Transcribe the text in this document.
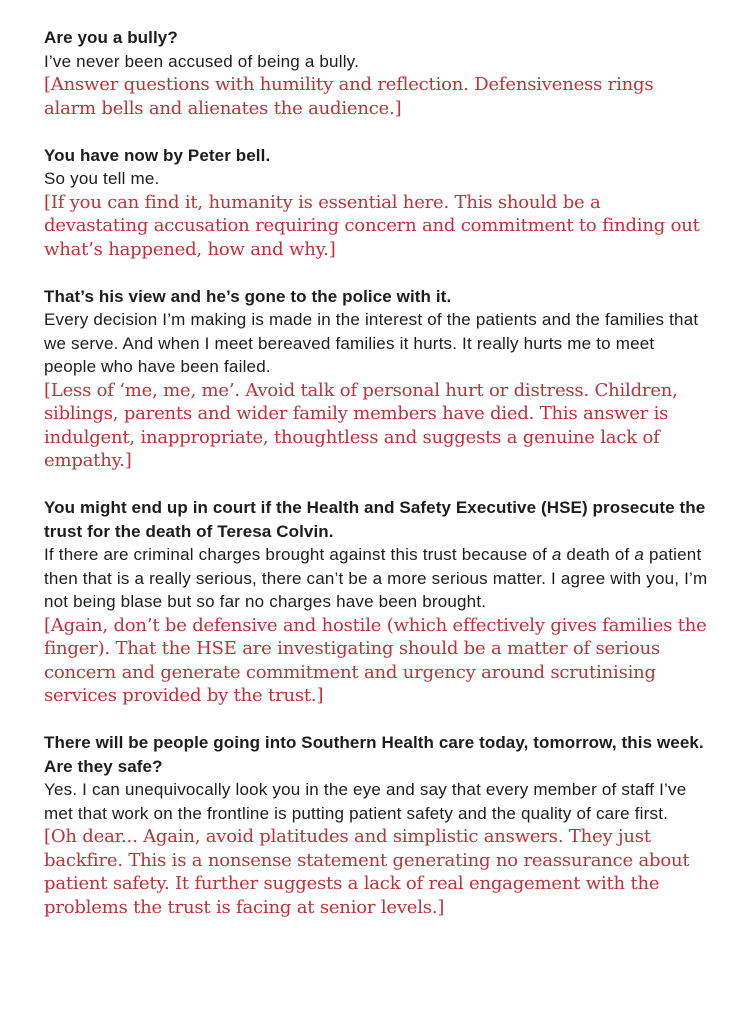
Are you a bully?

I’ve never been accused of being a bully.

[Answer questions with humility and reflection. Defensiveness rings alarm bells and alienates the audience.]

You have now by Peter bell.

So you tell me.

[If you can find it, humanity is essential here. This should be a devastating accusation requiring concern and commitment to finding out what’s happened, how and why.]

That’s his view and he’s gone to the police with it.

Every decision I’m making is made in the interest of the patients and the families that we serve. And when I meet bereaved families it hurts. It really hurts me to meet people who have been failed.

[Less of ‘me, me, me’. Avoid talk of personal hurt or distress. Children, siblings, parents and wider family members have died. This answer is indulgent, inappropriate, thoughtless and suggests a genuine lack of empathy.]

You might end up in court if the Health and Safety Executive (HSE) prosecute the trust for the death of Teresa Colvin.

If there are criminal charges brought against this trust because of a death of a patient then that is a really serious, there can’t be a more serious matter. I agree with you, I’m not being blase but so far no charges have been brought.

[Again, don’t be defensive and hostile (which effectively gives families the finger). That the HSE are investigating should be a matter of serious concern and generate commitment and urgency around scrutinising services provided by the trust.]

There will be people going into Southern Health care today, tomorrow, this week. Are they safe?

Yes. I can unequivocally look you in the eye and say that every member of staff I’ve met that work on the frontline is putting patient safety and the quality of care first.

[Oh dear... Again, avoid platitudes and simplistic answers. They just backfire. This is a nonsense statement generating no reassurance about patient safety. It further suggests a lack of real engagement with the problems the trust is facing at senior levels.]
